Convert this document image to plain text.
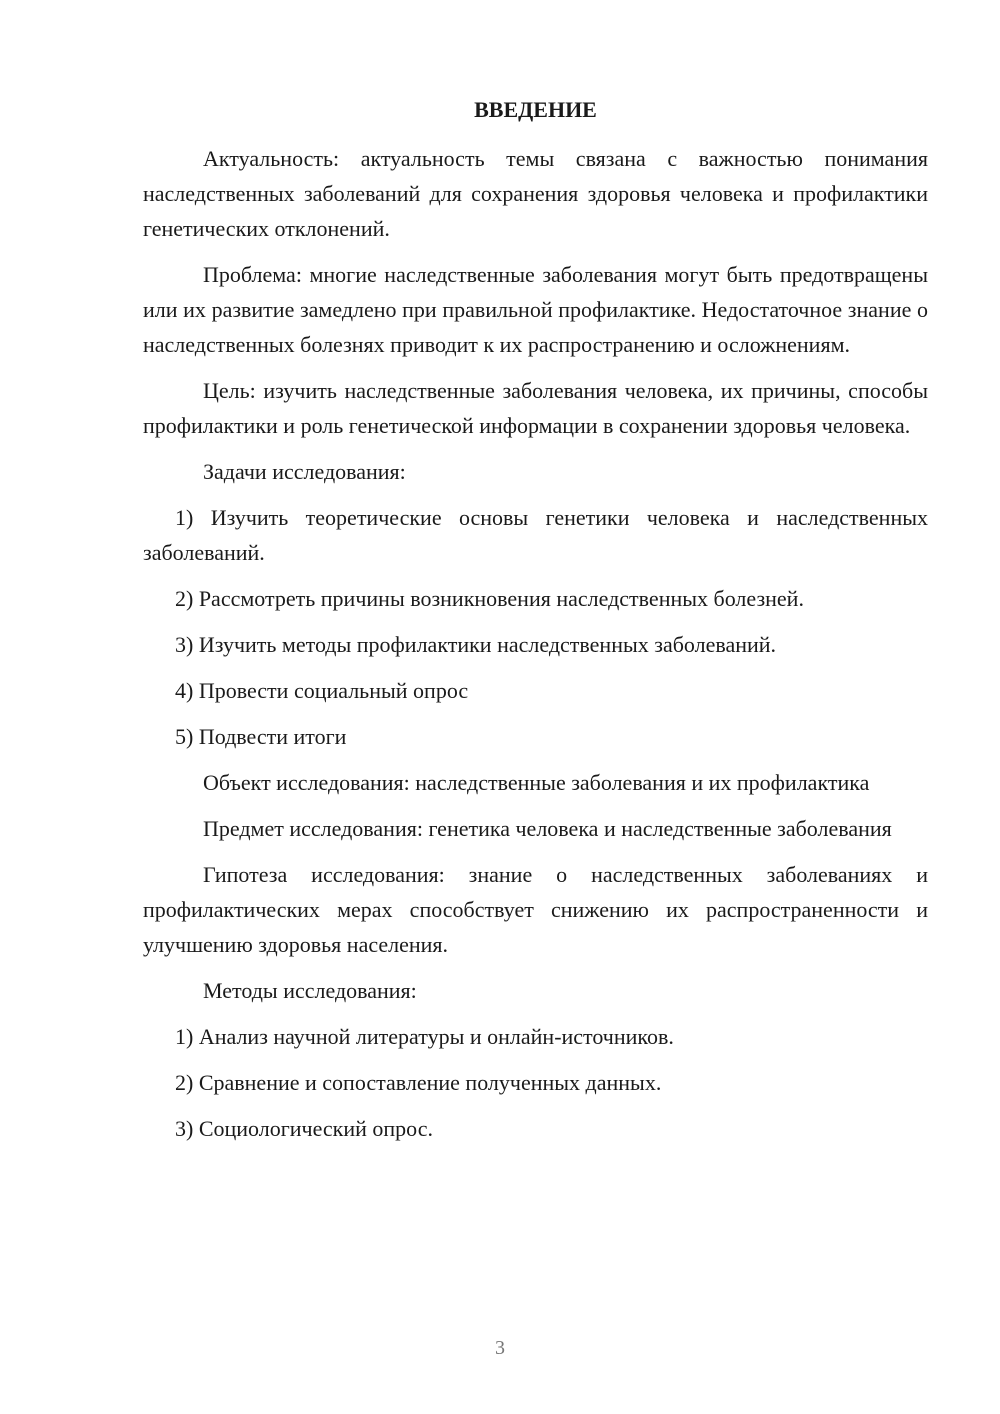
ВВЕДЕНИЕ

Актуальность: актуальность темы связана с важностью понимания наследственных заболеваний для сохранения здоровья человека и профилактики генетических отклонений.

Проблема: многие наследственные заболевания могут быть предотвращены или их развитие замедлено при правильной профилактике. Недостаточное знание о наследственных болезнях приводит к их распространению и осложнениям.

Цель: изучить наследственные заболевания человека, их причины, способы профилактики и роль генетической информации в сохранении здоровья человека.

Задачи исследования:

1) Изучить теоретические основы генетики человека и наследственных заболеваний.

2) Рассмотреть причины возникновения наследственных болезней.

3) Изучить методы профилактики наследственных заболеваний.

4) Провести социальный опрос

5) Подвести итоги

Объект исследования: наследственные заболевания и их профилактика

Предмет исследования: генетика человека и наследственные заболевания

Гипотеза исследования: знание о наследственных заболеваниях и профилактических мерах способствует снижению их распространенности и улучшению здоровья населения.

Методы исследования:

1) Анализ научной литературы и онлайн-источников.

2) Сравнение и сопоставление полученных данных.

3) Социологический опрос.

3
